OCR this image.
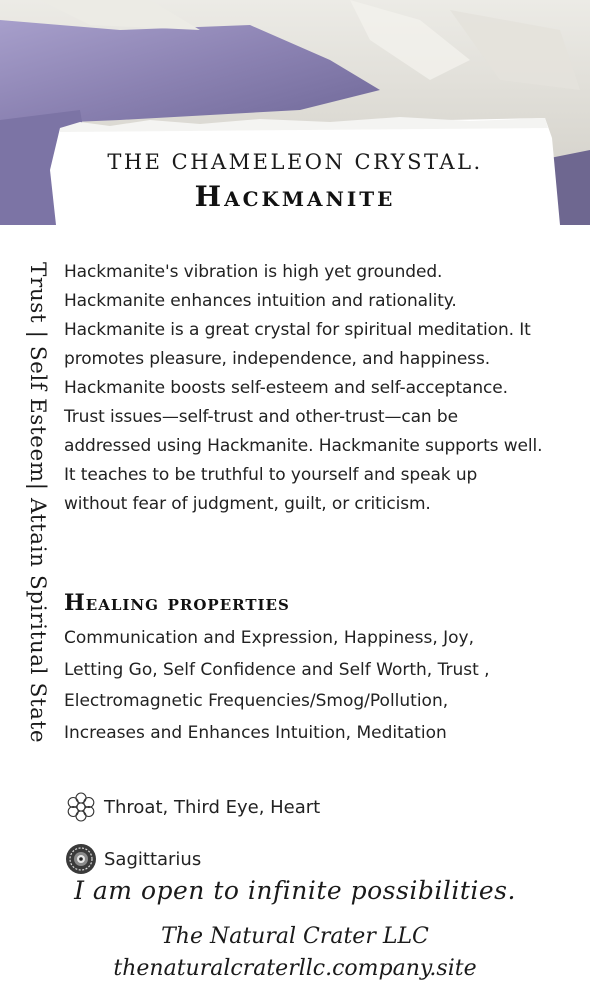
THE CHAMELEON CRYSTAL.
Hackmanite
Trust | Self Esteem| Attain Spiritual State Hackmanite's vibration is high yet grounded. Hackmanite enhances intuition and rationality. Hackmanite is a great crystal for spiritual meditation. It promotes pleasure, independence, and happiness. Hackmanite boosts self-esteem and self-acceptance. Trust issues—self-trust and other-trust—can be addressed using Hackmanite. Hackmanite supports well. It teaches to be truthful to yourself and speak up without fear of judgment, guilt, or criticism.
Healing properties
Communication and Expression, Happiness, Joy, Letting Go, Self Confidence and Self Worth, Trust , Electromagnetic Frequencies/Smog/Pollution, Increases and Enhances Intuition, Meditation
Throat, Third Eye, Heart
Sagittarius
I am open to infinite possibilities.
The Natural Crater LLC
thenaturalcraterllc.company.site
